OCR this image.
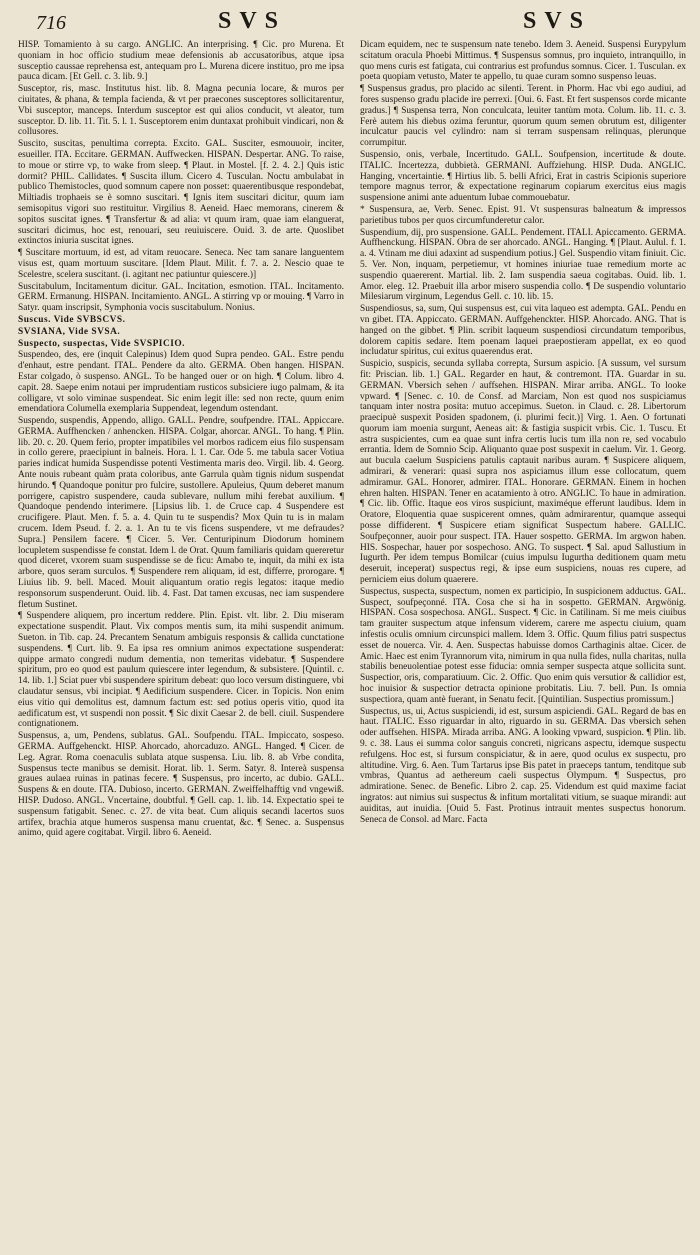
716	SVS	SVS

HISP. Tomamiento à su cargo. ANGLIC. An interprising. ¶ Cic. pro Murena. Et quoniam in hoc officio studium meae defensionis ab accusatoribus, atque ipsa susceptio caussae reprehensa est, antequam pro L. Murena dicere instituo, pro me ipsa pauca dicam. [Et Gell. c. 3. lib. 9.]

Susceptor, ris, masc. Institutus hist. lib. 8. Magna pecunia locare, & muros per ciuitates, & phana, & templa facienda, & vt per praecones susceptores sollicitarentur, Vbi susceptor, manceps. Interdum susceptor est qui alios conducit, vt aleator, tum susceptor. D. lib. 11. Tit. 5. l. 1. Susceptorem enim duntaxat prohibuit vindicari, non & collusores.

Suscito, suscitas, penultima correpta. Excito. GAL. Susciter, esmouuoir, inciter, esueiller. ITA. Eccitare. GERMAN. Auffwecken. HISPAN. Despertar. ANG. To raise, to moue or stirre vp, to wake from sleep. ¶ Plaut. in Mostel. [f. 2. 4. 2.] Quis istic dormit? PHIL. Callidates. ¶ Suscita illum. Cicero 4. Tusculan. Noctu ambulabat in publico Themistocles, quod somnum capere non posset: quaerentibusque respondebat, Miltiadis trophaeis se è somno suscitari. ¶ Ignis item suscitari dicitur, quum iam semisopitus vigori suo restituitur. Virgilius 8. Aeneid. Haec memorans, cinerem & sopitos suscitat ignes. ¶ Transfertur & ad alia: vt quum iram, quae iam elanguerat, suscitari dicimus, hoc est, renouari, seu reuiuiscere. Ouid. 3. de arte. Quoslibet extinctos iniuria suscitat ignes.

¶ Suscitare mortuum, id est, ad vitam reuocare. Seneca. Nec tam sanare languentem visus est, quam mortuum suscitare. [Idem Plaut. Milit. f. 7. a. 2. Nescio quae te Scelestre, scelera suscitant. (i. agitant nec patiuntur quiescere.)]

Suscitabulum, Incitamentum dicitur. GAL. Incitation, esmotion. ITAL. Incitamento. GERM. Ermanung. HISPAN. Incitamiento. ANGL. A stirring vp or mouing. ¶ Varro in Satyr. quam inscripsit, Symphonia vocis suscitabulum. Nonius.

Suscus. Vide SVBSCVS.

SVSIANA, Vide SVSA.

Suspecto, suspectas, Vide SVSPICIO.

Suspendeo, des, ere (inquit Calepinus) Idem quod Supra pendeo. GAL. Estre pendu d'enhaut, estre pendant. ITAL. Pendere da alto. GERMA. Oben hangen. HISPAN. Estar colgado, ò suspenso. ANGL. To be hanged ouer or on high. ¶ Colum. libro 4. capit. 28. Saepe enim notaui per imprudentiam rusticos subsiciere iugo palmam, & ita colligare, vt solo viminae suspendeat. Sic enim legit ille: sed non recte, quum enim emendatiora Columella exemplaria Suppendeat, legendum ostendant.

Suspendo, suspendis, Appendo, alligo. GALL. Pendre, soufpendre. ITAL. Appiccare. GERMA. Auffhencken / anhencken. HISPA. Colgar, ahorcar. ANGL. To hang. ¶ Plin. lib. 20. c. 20. Quem ferio, propter impatibiles vel morbos radicem eius filo suspensam in collo gerere, praecipiunt in balneis. Hora. l. 1. Car. Ode 5. me tabula sacer Votiua paries indicat humida Suspendisse potenti Vestimenta maris deo. Virgil. lib. 4. Georg. Ante nouis rubeant quàm prata coloribus, ante Garrula quàm tignis nidum suspendat hirundo. ¶ Quandoque ponitur pro fulcire, sustollere. Apuleius, Quum deberet manum porrigere, capistro suspendere, cauda sublevare, nullum mihi ferebat auxilium. ¶ Quandoque pendendo interimere. [Lipsius lib. 1. de Cruce cap. 4 Suspendere est crucifigere. Plaut. Men. f. 5. a. 4. Quin tu te suspendis? Mox Quin tu is in malam crucem. Idem Pseud. f. 2. a. 1. An tu te vis ficens suspendere, vt me defraudes? Supra.] Pensilem facere. ¶ Cicer. 5. Ver. Centuripinum Diodorum hominem locupletem suspendisse fe constat. Idem l. de Orat. Quum familiaris quidam quereretur quod diceret, vxorem suam suspendisse se de ficu: Amabo te, inquit, da mihi ex ista arbore, quos seram surculos. ¶ Suspendere rem aliquam, id est, differre, prorogare. ¶ Liuius lib. 9. bell. Maced. Mouit aliquantum oratio regis legatos: itaque medio responsorum suspenderunt. Ouid. lib. 4. Fast. Dat tamen excusas, nec iam suspendere fletum Sustinet.

¶ Suspendere aliquem, pro incertum reddere. Plin. Epist. vlt. libr. 2. Diu miseram expectatione suspendit. Plaut. Vix compos mentis sum, ita mihi suspendit animum. Sueton. in Tib. cap. 24. Precantem Senatum ambiguis responsis & callida cunctatione suspendens. ¶ Curt. lib. 9. Ea ipsa res omnium animos expectatione suspenderat: quippe armato congredi nudum dementia, non temeritas videbatur. ¶ Suspendere spiritum, pro eo quod est paulum quiescere inter legendum, & subsistere. [Quintil. c. 14. lib. 1.] Sciat puer vbi suspendere spiritum debeat: quo loco versum distinguere, vbi claudatur sensus, vbi incipiat. ¶ Aedificium suspendere. Cicer. in Topicis. Non enim eius vitio qui demolitus est, damnum factum est: sed potius operis vitio, quod ita aedificatum est, vt suspendi non possit. ¶ Sic dixit Caesar 2. de bell. ciuil. Suspendere contignationem.

Suspensus, a, um, Pendens, sublatus. GAL. Soufpendu. ITAL. Impiccato, sospeso. GERMA. Auffgehenckt. HISP. Ahorcado, ahorcaduzo. ANGL. Hanged. ¶ Cicer. de Leg. Agrar. Roma coenaculis sublata atque suspensa. Liu. lib. 8. ab Vrbe condita, Suspensus tecte manibus se demisit. Horat. lib. 1. Serm. Satyr. 8. Intereà suspensa graues aulaea ruinas in patinas fecere. ¶ Suspensus, pro incerto, ac dubio. GALL. Suspens & en doute. ITA. Dubioso, incerto. GERMAN. Zweiffelhafftig vnd vngewiß. HISP. Dudoso. ANGL. Vncertaine, doubtful. ¶ Gell. cap. 1. lib. 14. Expectatio spei te suspensum fatigabit. Senec. c. 27. de vita beat. Cum aliquis secandi lacertos suos artifex, brachia atque humeros suspensa manu cruentat, &c. ¶ Senec. a. Suspensus animo, quid agere cogitabat. Virgil. libro 6. Aeneid.

Dicam equidem, nec te suspensum nate tenebo. Idem 3. Aeneid. Suspensi Eurypylum scitatum oracula Phoebi Mittimus. ¶ Suspensus somnus, pro inquieto, intranquillo, in quo mens curis est fatigata, cui contrarius est profundus somnus. Cicer. 1. Tusculan. ex poeta quopiam vetusto, Mater te appello, tu quae curam somno suspenso leuas.

¶ Suspensus gradus, pro placido ac silenti. Terent. in Phorm. Hac vbi ego audiui, ad fores suspenso gradu placide ire perrexi. [Oui. 6. Fast. Et fert suspensos corde micante gradus.] ¶ Suspensa terra, Non conculcata, leuiter tantùm mota. Colum. lib. 11. c. 3. Ferè autem his diebus ozima feruntur, quorum quum semen obrutum est, diligenter inculcatur paucis vel cylindro: nam si terram suspensam relinquas, plerunque corrumpitur.

Suspensio, onis, verbale, Incertitudo. GALL. Soufpension, incertitude & doute. ITALIC. Incertezza, dubbietà. GERMANI. Auffziehung. HISP. Duda. ANGLIC. Hanging, vncertaintie. ¶ Hirtius lib. 5. belli Africi, Erat in castris Scipionis superiore tempore magnus terror, & expectatione reginarum copiarum exercitus eius magis suspensione animi ante aduentum Iubae commouebatur.

* Suspensura, ae, Verb. Senec. Epist. 91. Vt suspensuras balneatum & impressos parietibus tubos per quos circumfunderetur calor.

Suspendium, dij, pro suspensione. GALL. Pendement. ITALI. Apiccamento. GERMA. Auffhenckung. HISPAN. Obra de ser ahorcado. ANGL. Hanging. ¶ [Plaut. Aulul. f. 1. a. 4. Vtinam me diui adaxint ad suspendium potius.] Gel. Suspendio vitam finiuit. Cic. 5. Ver. Non, inquam, perpetiemur, vt homines iniuriae tuae remedium morte ac suspendio quaererent. Martial. lib. 2. Iam suspendia saeua cogitabas. Ouid. lib. 1. Amor. eleg. 12. Praebuit illa arbor misero suspendia collo. ¶ De suspendio voluntario Milesiarum virginum, Legendus Gell. c. 10. lib. 15.

Suspendiosus, sa, sum, Qui suspensus est, cui vita laqueo est adempta. GAL. Pendu en vn gibet. ITA. Appiccato. GERMAN. Auffgehenckter. HISP. Ahorcado. ANG. That is hanged on the gibbet. ¶ Plin. scribit laqueum suspendiosi circundatum temporibus, dolorem capitis sedare. Item poenam laquei praepostieram appellat, ex eo quod includatur spiritus, cui exitus quaerendus erat.

Suspicio, suspicis, secunda syllaba correpta, Sursum aspicio. [A sussum, vel sursum fit: Priscian. lib. 1.] GAL. Regarder en haut, & contremont. ITA. Guardar in su. GERMAN. Vbersich sehen / auffsehen. HISPAN. Mirar arriba. ANGL. To looke vpward. ¶ [Senec. c. 10. de Consf. ad Marciam, Non est quod nos suspiciamus tanquam inter nostra posita: mutuo accepimus. Sueton. in Claud. c. 28. Libertorum praecipuè suspexit Posiden spadonem, (i. plurimi fecit.)] Virg. 1. Aen. O fortunati quorum iam moenia surgunt, Aeneas ait: & fastigia suspicit vrbis. Cic. 1. Tuscu. Et astra suspicientes, cum ea quae sunt infra certis lucis tum illa non re, sed vocabulo errantia. Idem de Somnio Scip. Aliquanto quae post suspexit in caelum. Vir. 1. Georg. aut bucula caelum Suspiciens patulis captauit naribus auram. ¶ Suspicere aliquem, admirari, & venerari: quasi supra nos aspiciamus illum esse collocatum, quem admiramur. GAL. Honorer, admirer. ITAL. Honorare. GERMAN. Einem in hochen ehren halten. HISPAN. Tener en acatamiento à otro. ANGLIC. To haue in admiration. ¶ Cic. lib. Offic. Itaque eos viros suspiciunt, maximéque efferunt laudibus. Idem in Oratore, Eloquentia quae suspicerent omnes, quàm admirarentur, quamque assequi posse diffiderent. ¶ Suspicere etiam significat Suspectum habere. GALLIC. Soufpeçonner, auoir pour suspect. ITA. Hauer sospetto. GERMA. Im argwon haben. HIS. Sospechar, hauer por sospechoso. ANG. To suspect. ¶ Sal. apud Sallustium in Iugurth. Per idem tempus Bomilcar (cuius impulsu Iugurtha deditionem quam metu deseruit, inceperat) suspectus regi, & ipse eum suspiciens, nouas res cupere, ad perniciem eius dolum quaerere.

Suspectus, suspecta, suspectum, nomen ex participio, In suspicionem adductus. GAL. Suspect, soufpeçonné. ITA. Cosa che si ha in sospetto. GERMAN. Argwönig. HISPAN. Cosa sospechosa. ANGL. Suspect. ¶ Cic. in Catilinam. Si me meis ciuibus tam grauiter suspectum atque infensum viderem, carere me aspectu ciuium, quam infestis oculis omnium circunspici mallem. Idem 3. Offic. Quum filius patri suspectus esset de nouerca. Vir. 4. Aen. Suspectas habuisse domos Carthaginis altae. Cicer. de Amic. Haec est enim Tyrannorum vita, nimirum in qua nulla fides, nulla charitas, nulla stabilis beneuolentiae potest esse fiducia: omnia semper suspecta atque sollicita sunt. Suspectior, oris, comparatiuum. Cic. 2. Offic. Quo enim quis versutior & callidior est, hoc inuisior & suspectior detracta opinione probitatis. Liu. 7. bell. Pun. Is omnia suspectiora, quam antè fuerant, in Senatu fecit. [Quintilian. Suspectius promissum.]

Suspectus, us, ui, Actus suspiciendi, id est, sursum aspiciendi. GAL. Regard de bas en haut. ITALIC. Esso riguardar in alto, riguardo in su. GERMA. Das vbersich sehen oder auffsehen. HISPA. Mirada arriba. ANG. A looking vpward, suspicion. ¶ Plin. lib. 9. c. 38. Laus ei summa color sanguis concreti, nigricans aspectu, idemque suspectu refulgens. Hoc est, si fursum conspiciatur, & in aere, quod oculus ex suspectu, pro altitudine. Virg. 6. Aen. Tum Tartarus ipse Bis patet in praeceps tantum, tenditque sub vmbras, Quantus ad aethereum caeli suspectus Olympum. ¶ Suspectus, pro admiratione. Senec. de Benefic. Libro 2. cap. 25. Videndum est quid maxime faciat ingratos: aut nimius sui suspectus & infitum mortalitati vitium, se suaque mirandi: aut auiditas, aut inuidia. [Ouid 5. Fast. Protinus intrauit mentes suspectus honorum. Seneca de Consol. ad Marc. Facta
